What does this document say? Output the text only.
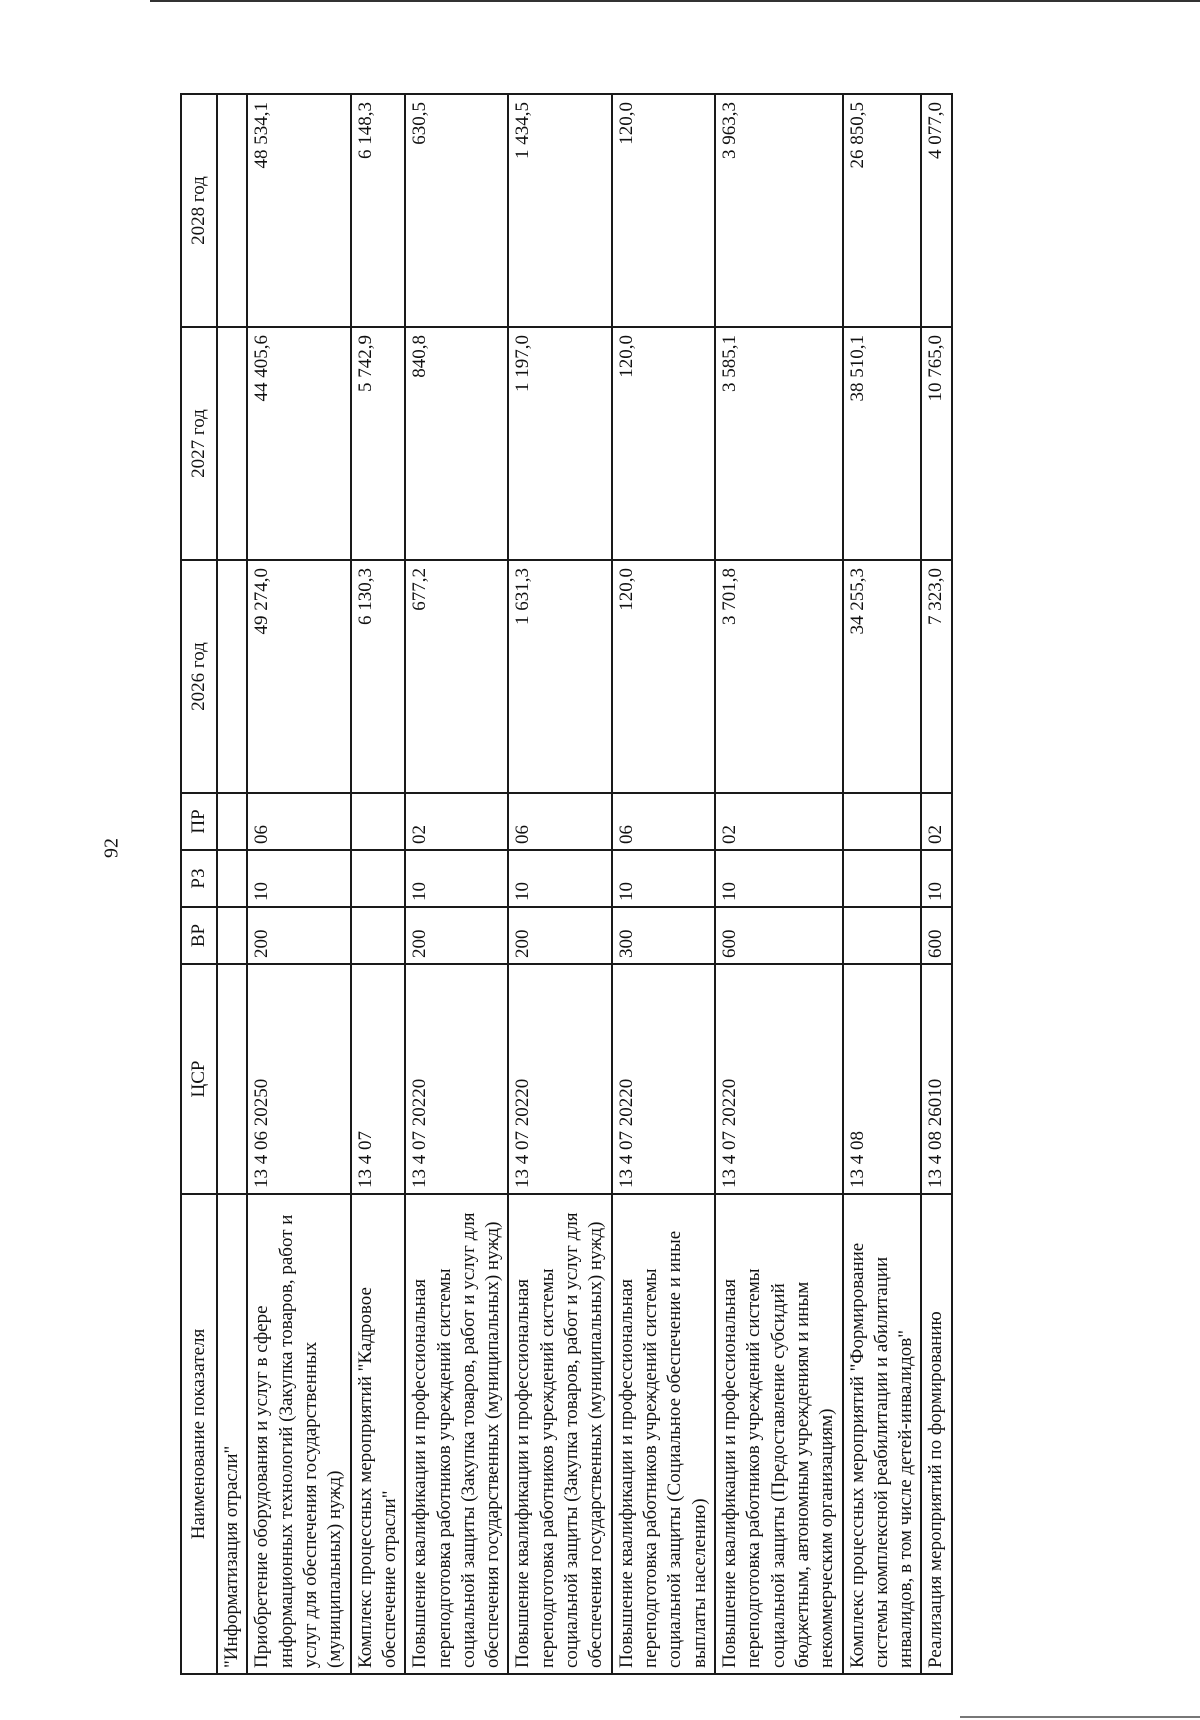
92
Наименование показателя	ЦСР	ВР	РЗ	ПР	2026 год	2027 год	2028 год
"Информатизация отрасли"							
Приобретение оборудования и услуг в сфере информационных технологий (Закупка товаров, работ и услуг для обеспечения государственных (муниципальных) нужд)	13 4 06 20250	200	10	06	49 274,0	44 405,6	48 534,1
Комплекс процессных мероприятий "Кадровое обеспечение отрасли"	13 4 07				6 130,3	5 742,9	6 148,3
Повышение квалификации и профессиональная переподготовка работников учреждений системы социальной защиты (Закупка товаров, работ и услуг для обеспечения государственных (муниципальных) нужд)	13 4 07 20220	200	10	02	677,2	840,8	630,5
Повышение квалификации и профессиональная переподготовка работников учреждений системы социальной защиты (Закупка товаров, работ и услуг для обеспечения государственных (муниципальных) нужд)	13 4 07 20220	200	10	06	1 631,3	1 197,0	1 434,5
Повышение квалификации и профессиональная переподготовка работников учреждений системы социальной защиты (Социальное обеспечение и иные выплаты населению)	13 4 07 20220	300	10	06	120,0	120,0	120,0
Повышение квалификации и профессиональная переподготовка работников учреждений системы социальной защиты (Предоставление субсидий бюджетным, автономным учреждениям и иным некоммерческим организациям)	13 4 07 20220	600	10	02	3 701,8	3 585,1	3 963,3
Комплекс процессных мероприятий "Формирование системы комплексной реабилитации и абилитации инвалидов, в том числе детей-инвалидов"	13 4 08				34 255,3	38 510,1	26 850,5
Реализация мероприятий по формированию	13 4 08 26010	600	10	02	7 323,0	10 765,0	4 077,0
